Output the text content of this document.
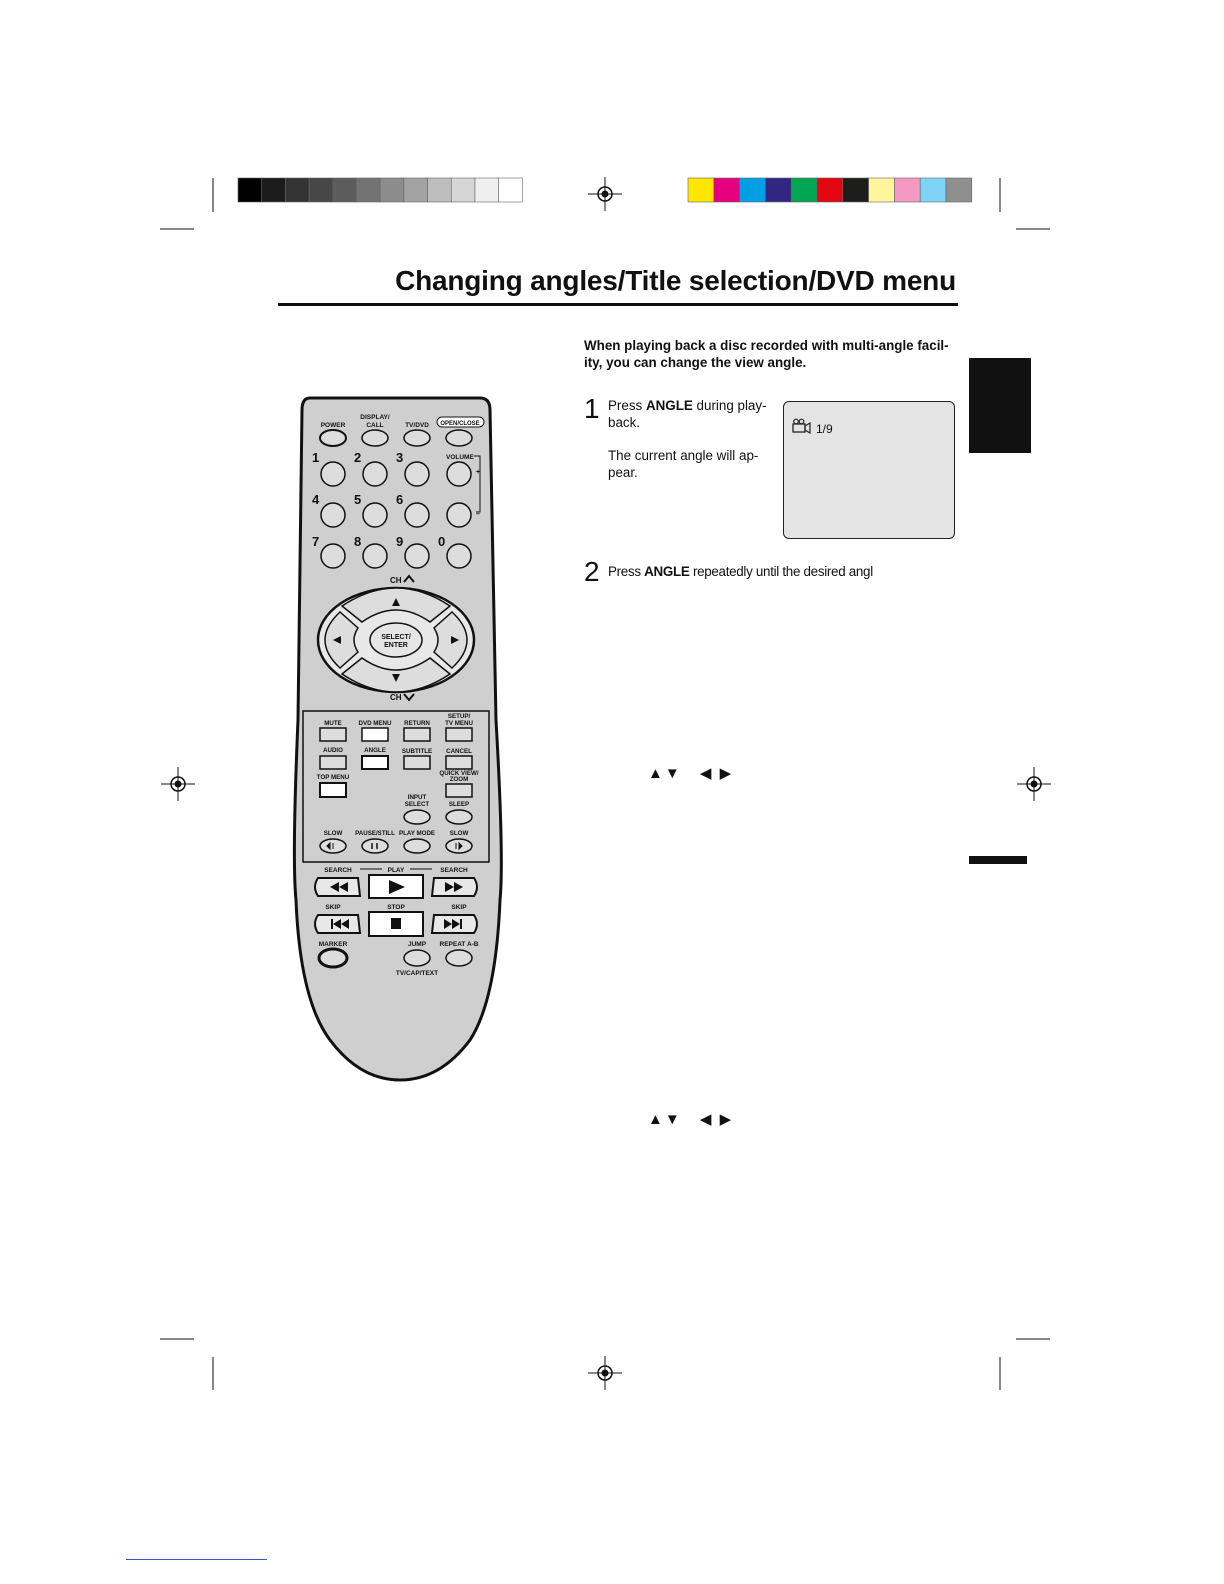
Changing angles/Title selection/DVD menu
When playing back a disc recorded with multi-angle facil-
ity, you can change the view angle.
1 Press ANGLE during play-
back.
The current angle will ap-
pear.
1/9
2 Press ANGLE repeatedly until the desired angl
▲▼ ◀ ▶
▲▼ ◀ ▶
POWER
DISPLAY/
CALL	TV/DVD OPEN/CLOSE
1	2	3
4	5	6
7	8	9	0
VOLUME
+
–
CH
SELECT/
ENTER
CH
MUTE	DVD MENU RETURN
SETUP/
TV MENU
AUDIO	ANGLE	SUBTITLE CANCEL
TOP MENU
QUICK VIEW/
ZOOM
INPUT
SELECT	SLEEP
SLOW PAUSE/STILL PLAY MODE SLOW
SEARCH	PLAY	SEARCH
SKIP	STOP	SKIP
MARKER	JUMP REPEAT A-B
TV/CAP/TEXT
